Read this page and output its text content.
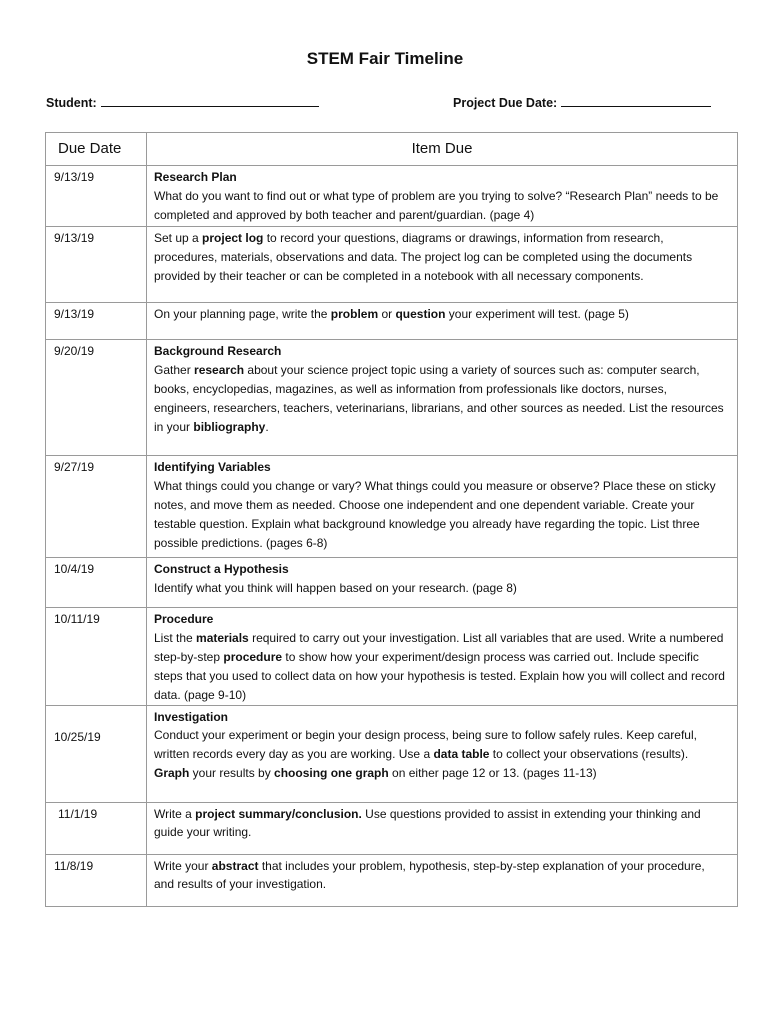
STEM Fair Timeline
Student:	Project Due Date:
Due Date	Item Due
9/13/19	Research Plan
What do you want to find out or what type of problem are you trying to solve? “Research Plan” needs to be completed and approved by both teacher and parent/guardian. (page 4)
9/13/19	Set up a project log to record your questions, diagrams or drawings, information from research, procedures, materials, observations and data. The project log can be completed using the documents provided by their teacher or can be completed in a notebook with all necessary components.
9/13/19	On your planning page, write the problem or question your experiment will test. (page 5)
9/20/19	Background Research
Gather research about your science project topic using a variety of sources such as: computer search, books, encyclopedias, magazines, as well as information from professionals like doctors, nurses, engineers, researchers, teachers, veterinarians, librarians, and other sources as needed. List the resources in your bibliography.
9/27/19	Identifying Variables
What things could you change or vary? What things could you measure or observe? Place these on sticky notes, and move them as needed. Choose one independent and one dependent variable. Create your testable question. Explain what background knowledge you already have regarding the topic. List three possible predictions. (pages 6-8)
10/4/19	Construct a Hypothesis
Identify what you think will happen based on your research. (page 8)
10/11/19	Procedure
List the materials required to carry out your investigation. List all variables that are used. Write a numbered step-by-step procedure to show how your experiment/design process was carried out. Include specific steps that you used to collect data on how your hypothesis is tested. Explain how you will collect and record data. (page 9-10)
10/25/19	Investigation
Conduct your experiment or begin your design process, being sure to follow safely rules. Keep careful, written records every day as you are working. Use a data table to collect your observations (results). Graph your results by choosing one graph on either page 12 or 13. (pages 11-13)
11/1/19	Write a project summary/conclusion. Use questions provided to assist in extending your thinking and guide your writing.
11/8/19	Write your abstract that includes your problem, hypothesis, step-by-step explanation of your procedure, and results of your investigation.
